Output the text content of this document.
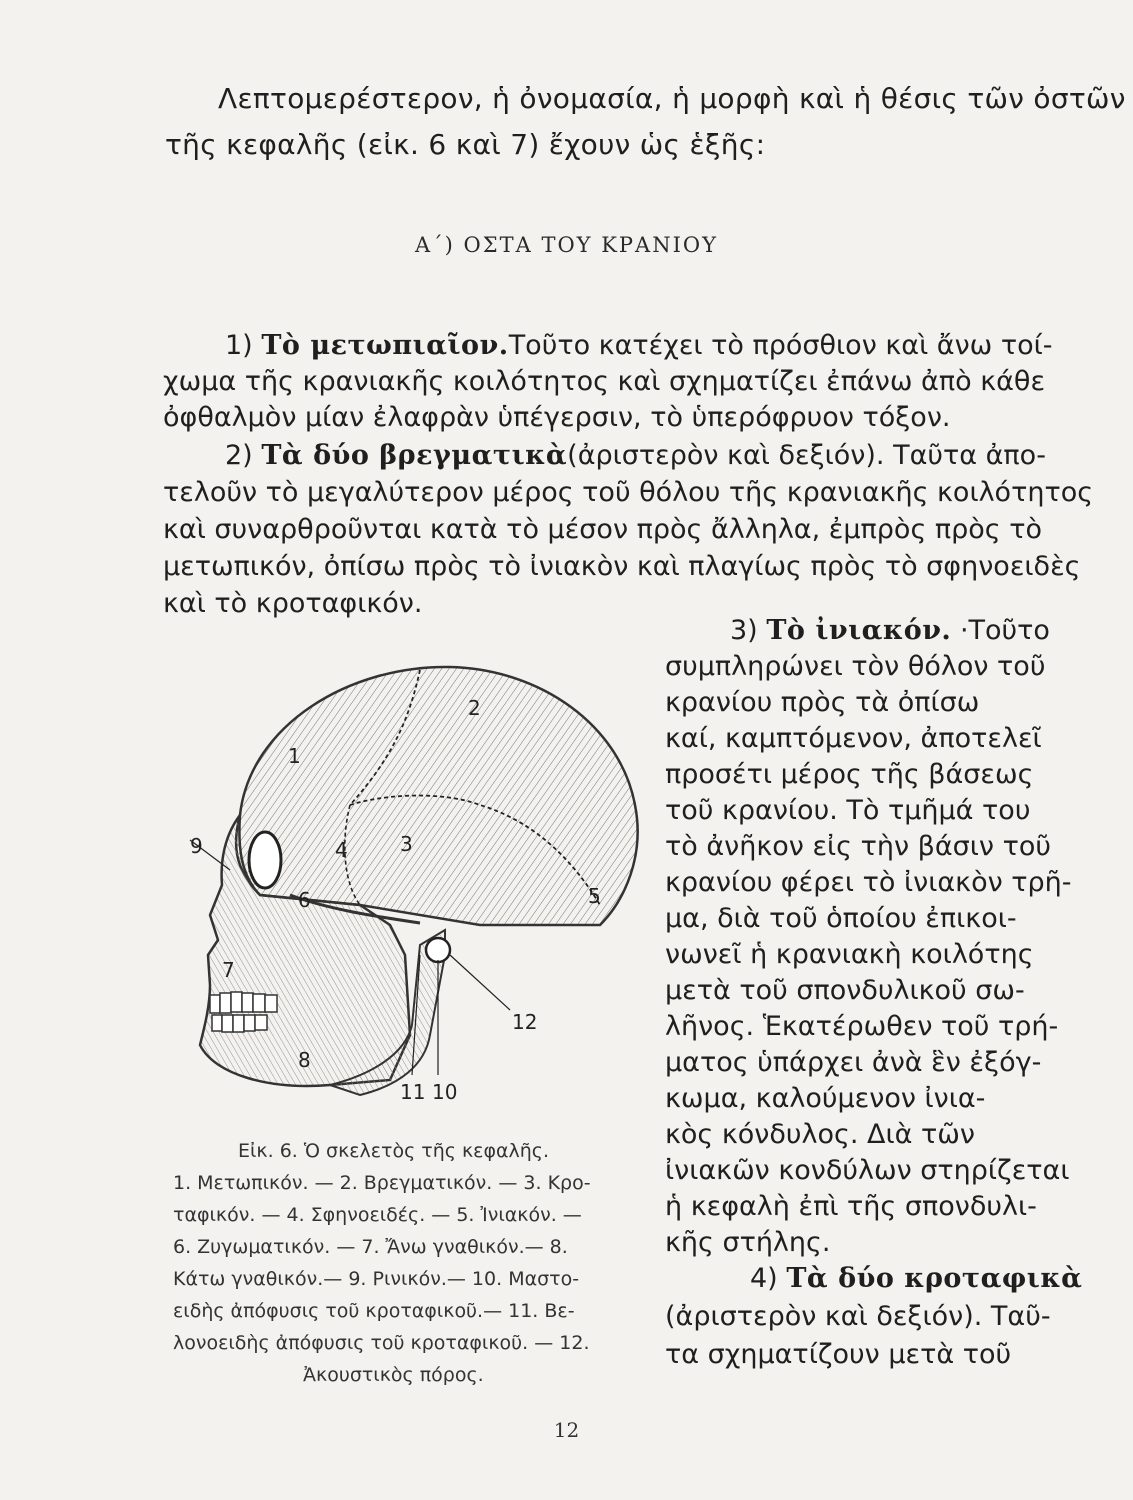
Λεπτομερέστερον, ἡ ὀνομασία, ἡ μορφὴ καὶ ἡ θέσις τῶν ὀστῶν
τῆς κεφαλῆς (εἰκ. 6 καὶ 7) ἔχουν ὡς ἑξῆς:
Α΄) ΟΣΤΑ ΤΟΥ ΚΡΑΝΙΟΥ
1) Τὸ μετωπιαῖον. Τοῦτο κατέχει τὸ πρόσθιον καὶ ἄνω τοί-
χωμα τῆς κρανιακῆς κοιλότητος καὶ σχηματίζει ἐπάνω ἀπὸ κάθε
ὀφθαλμὸν μίαν ἐλαφρὰν ὑπέγερσιν, τὸ ὑπερόφρυον τόξον.
2) Τὰ δύο βρεγματικὰ (ἀριστερὸν καὶ δεξιόν). Ταῦτα ἀπο-
τελοῦν τὸ μεγαλύτερον μέρος τοῦ θόλου τῆς κρανιακῆς κοιλότητος
καὶ συναρθροῦνται κατὰ τὸ μέσον πρὸς ἄλληλα, ἐμπρὸς πρὸς τὸ
μετωπικόν, ὀπίσω πρὸς τὸ ἰνιακὸν καὶ πλαγίως πρὸς τὸ σφηνοειδὲς
καὶ τὸ κροταφικόν.
1
2
3
4
5
6
7
8
9
10
11
12
Εἰκ. 6. Ὁ σκελετὸς τῆς κεφαλῆς.
1. Μετωπικόν. — 2. Βρεγματικόν. — 3. Κρο-
ταφικόν. — 4. Σφηνοειδές. — 5. Ἰνιακόν. —
6. Ζυγωματικόν. — 7. Ἄνω γναθικόν.— 8.
Κάτω γναθικόν.— 9. Ρινικόν.— 10. Μαστο-
ειδὴς ἀπόφυσις τοῦ κροταφικοῦ.— 11. Βε-
λονοειδὴς ἀπόφυσις τοῦ κροταφικοῦ. — 12.
Ἀκουστικὸς πόρος.
3) Τὸ ἰνιακόν. ·Τοῦτο
συμπληρώνει τὸν θόλον τοῦ
κρανίου πρὸς τὰ ὀπίσω
καί, καμπτόμενον, ἀποτελεῖ
προσέτι μέρος τῆς βάσεως
τοῦ κρανίου. Τὸ τμῆμά του
τὸ ἀνῆκον εἰς τὴν βάσιν τοῦ
κρανίου φέρει τὸ ἰνιακὸν τρῆ-
μα, διὰ τοῦ ὁποίου ἐπικοι-
νωνεῖ ἡ κρανιακὴ κοιλότης
μετὰ τοῦ σπονδυλικοῦ σω-
λῆνος. Ἑκατέρωθεν τοῦ τρή-
ματος ὑπάρχει ἀνὰ ἓν ἐξόγ-
κωμα, καλούμενον ἰνια-
κὸς κόνδυλος. Διὰ τῶν
ἰνιακῶν κονδύλων στηρίζεται
ἡ κεφαλὴ ἐπὶ τῆς σπονδυλι-
κῆς στήλης.
4) Τὰ δύο κροταφικὰ
(ἀριστερὸν καὶ δεξιόν). Ταῦ-
τα σχηματίζουν μετὰ τοῦ
12
